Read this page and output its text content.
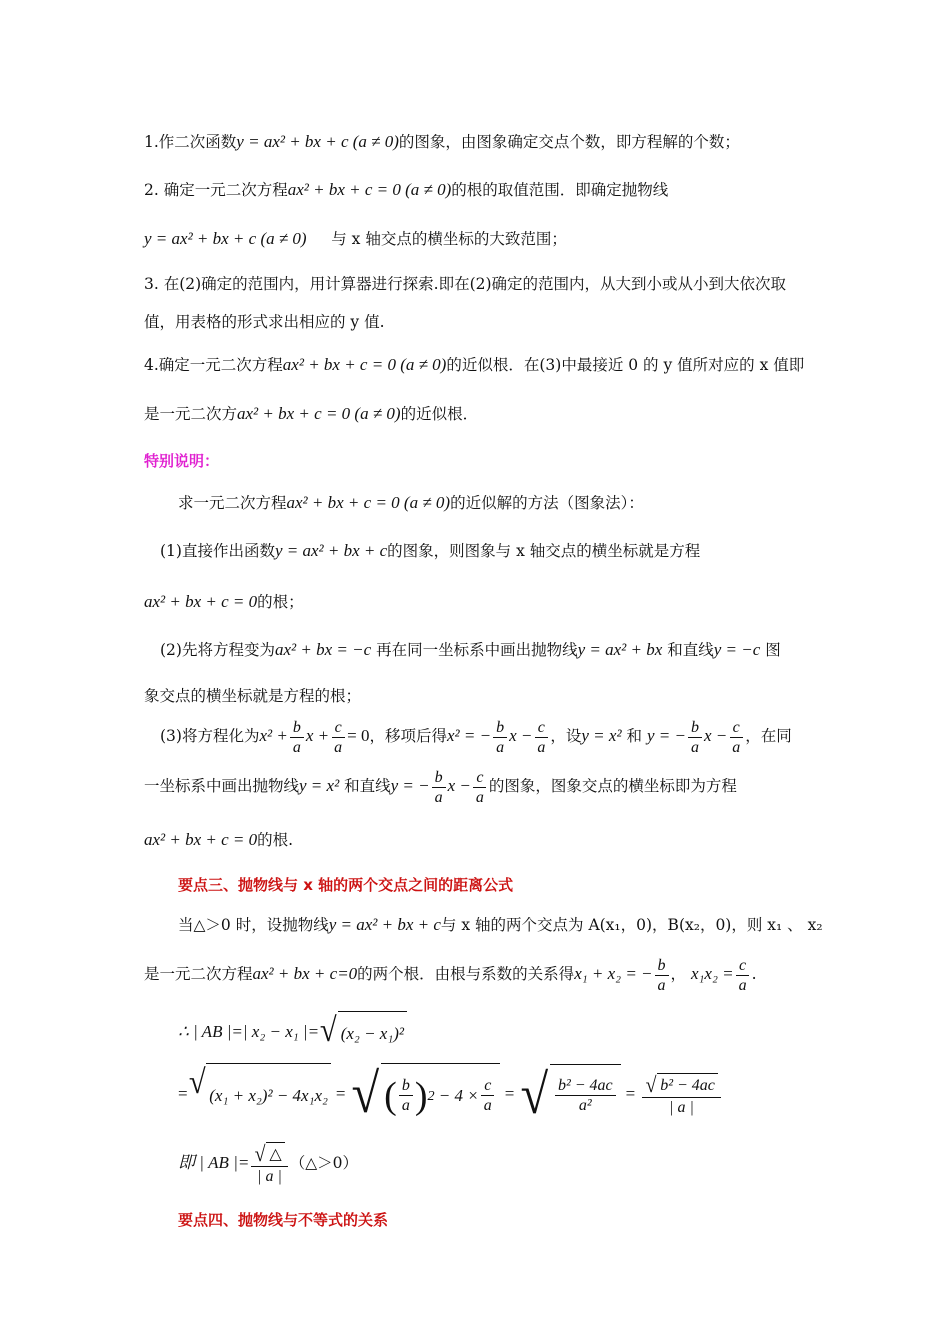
1.作二次函数y = ax² + bx + c (a ≠ 0)的图象，由图象确定交点个数，即方程解的个数；
2. 确定一元二次方程ax² + bx + c = 0 (a ≠ 0)的根的取值范围．即确定抛物线
y = ax² + bx + c (a ≠ 0) 与 x 轴交点的横坐标的大致范围；
3. 在(2)确定的范围内，用计算器进行探索.即在(2)确定的范围内，从大到小或从小到大依次取
值，用表格的形式求出相应的 y 值.
4.确定一元二次方程ax² + bx + c = 0 (a ≠ 0)的近似根．在(3)中最接近 0 的 y 值所对应的 x 值即
是一元二次方ax² + bx + c = 0 (a ≠ 0)的近似根．
特别说明：
求一元二次方程ax² + bx + c = 0 (a ≠ 0)的近似解的方法（图象法）：
(1)直接作出函数y = ax² + bx + c的图象，则图象与 x 轴交点的横坐标就是方程
ax² + bx + c = 0的根；
(2)先将方程变为ax² + bx = −c 再在同一坐标系中画出抛物线y = ax² + bx 和直线y = −c 图
象交点的横坐标就是方程的根；
(3)将方程化为$x^2 + \frac{b}{a}$ $x + \frac{c}{a} = 0$，移项后得x² = − $\frac{b}{a}$ $x - \frac{c}{a}$ ，设y = x² 和 y = − $\frac{b}{a}$ $x - \frac{c}{a}$ ，在同
一坐标系中画出抛物线y = x² 和直线y = − $\frac{b}{a}$ $x - \frac{c}{a}$ 的图象，图象交点的横坐标即为方程
ax² + bx + c = 0的根.
要点三、抛物线与 x 轴的两个交点之间的距离公式
当△＞0 时，设抛物线y = ax² + bx + c与 x 轴的两个交点为 A(x₁，0)，B(x₂，0)，则 x₁ 、 x₂
是一元二次方程ax² + bx + c=0的两个根．由根与系数的关系得x₁ + x₂ = − $\frac{b}{a}$ ， $x_1x_2 = \frac{c}{a}$ .
∴ | AB |=| x₂ − x₁ |= √ (x₂ − x₁)²
= √ (x₁ + x₂)² − 4x₁x₂ = √ ( $\frac{b}{a}$ ) $2 - 4 \times \frac{c}{a}$ = √ $\frac{\text{b² − 4ac}}{\text{a²}} = \frac{\text{√ b² − 4ac}}{| a |}$
即 | AB |= $\frac{√ \triangle}{| a |}$ （△＞0）
要点四、抛物线与不等式的关系
